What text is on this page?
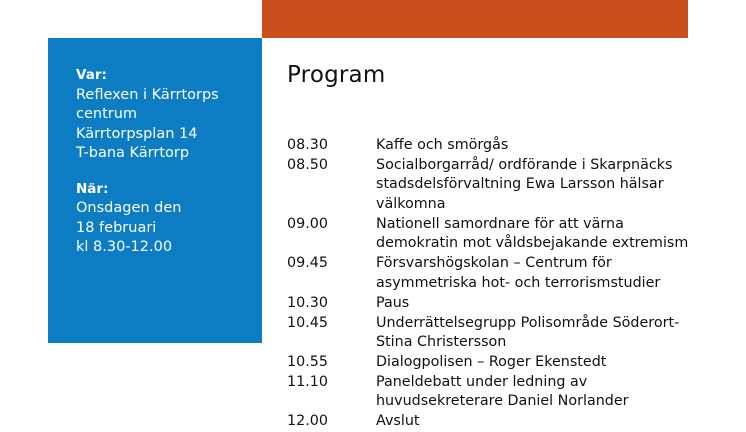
Var:
Reflexen i Kärrtorps
centrum
Kärrtorpsplan 14
T-bana Kärrtorp
När:
Onsdagen den
18 februari
kl 8.30-12.00
Program
08.30	Kaffe och smörgås
08.50	Socialborgarråd/ ordförande i Skarpnäcks
stadsdelsförvaltning Ewa Larsson hälsar
välkomna
09.00	Nationell samordnare för att värna
demokratin mot våldsbejakande extremism
09.45	Försvarshögskolan – Centrum för
asymmetriska hot- och terrorismstudier
10.30	Paus
10.45	Underrättelsegrupp Polisområde Söderort-
Stina Christersson
10.55	Dialogpolisen – Roger Ekenstedt
11.10	Paneldebatt under ledning av
huvudsekreterare Daniel Norlander
12.00	Avslut
